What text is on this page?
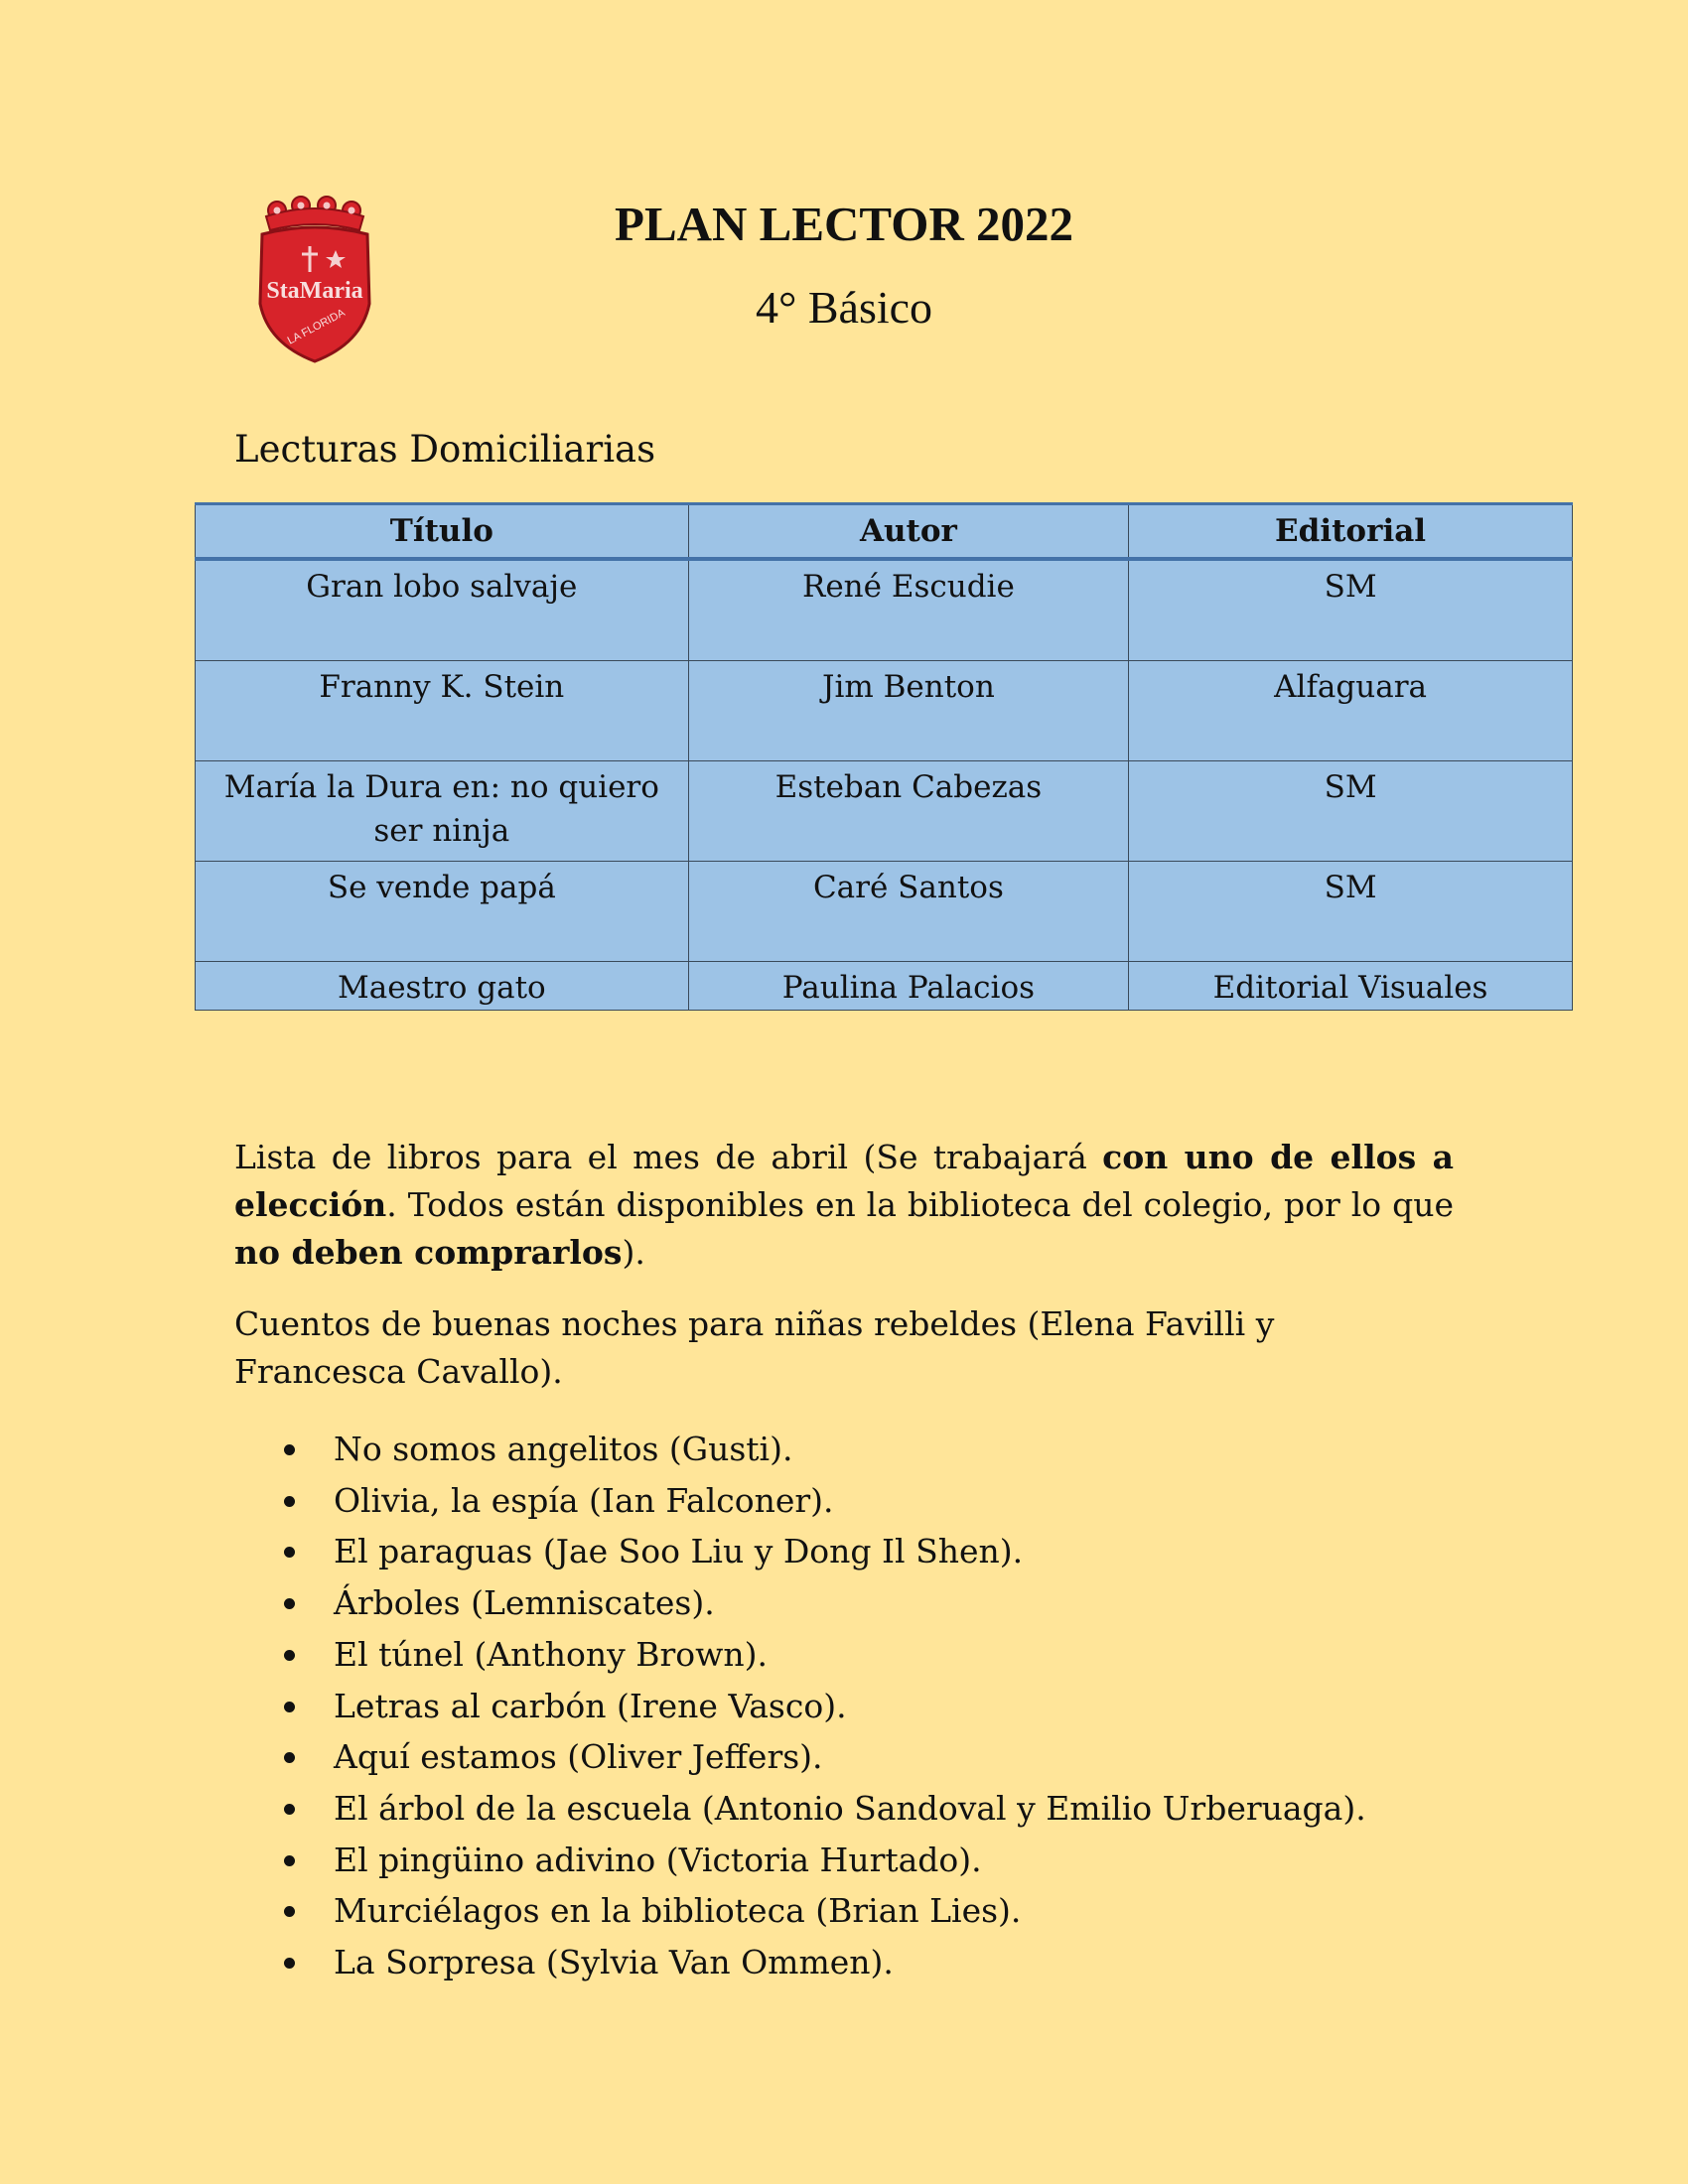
StaMaria
LA FLORIDA
PLAN LECTOR 2022
4° Básico
Lecturas Domiciliarias
Título	Autor	Editorial
Gran lobo salvaje	René Escudie	SM
Franny K. Stein	Jim Benton	Alfaguara
María la Dura en: no quiero ser ninja	Esteban Cabezas	SM
Se vende papá	Caré Santos	SM
Maestro gato	Paulina Palacios	Editorial Visuales

Lista de libros para el mes de abril (Se trabajará con uno de ellos a elección. Todos están disponibles en la biblioteca del colegio, por lo que no deben comprarlos).

Cuentos de buenas noches para niñas rebeldes (Elena Favilli y Francesca Cavallo).

No somos angelitos (Gusti).
Olivia, la espía (Ian Falconer).
El paraguas (Jae Soo Liu y Dong Il Shen).
Árboles (Lemniscates).
El túnel (Anthony Brown).
Letras al carbón (Irene Vasco).
Aquí estamos (Oliver Jeffers).
El árbol de la escuela (Antonio Sandoval y Emilio Urberuaga).
El pingüino adivino (Victoria Hurtado).
Murciélagos en la biblioteca (Brian Lies).
La Sorpresa (Sylvia Van Ommen).
